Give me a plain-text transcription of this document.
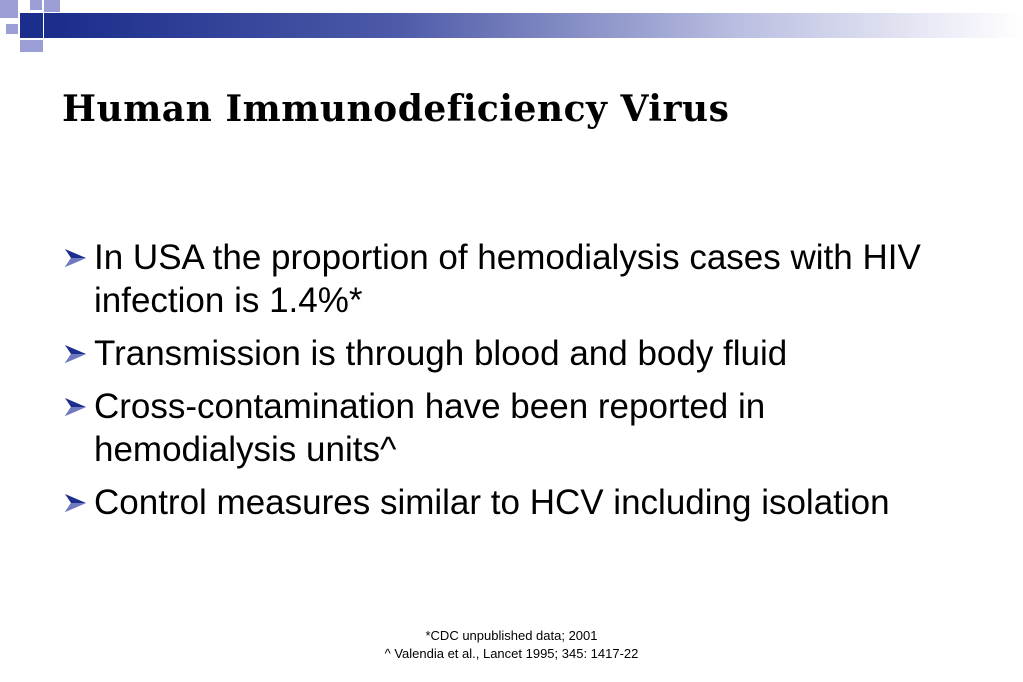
Human Immunodeficiency Virus
In USA the proportion of hemodialysis cases with HIV infection is 1.4%*
Transmission is through blood and body fluid
Cross-contamination have been reported in hemodialysis units^
Control measures similar to HCV including isolation
*CDC unpublished data; 2001
^ Valendia et al., Lancet 1995; 345: 1417-22
